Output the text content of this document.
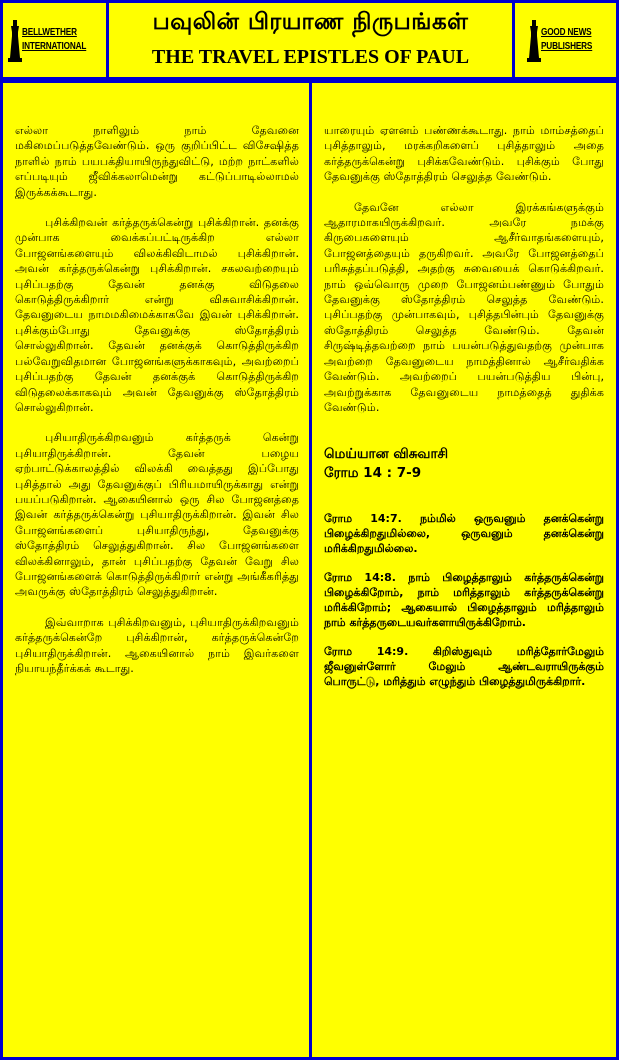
BELLWETHER
INTERNATIONAL
பவுலின் பிரயாண நிருபங்கள்
THE TRAVEL EPISTLES OF PAUL
GOOD NEWS
PUBLISHERS

எல்லா நாளிலும் நாம் தேவனை மகிமைப்படுத்தவேண்டும். ஒரு குறிப்பிட்ட விசேஷித்த நாளில் நாம் பயபக்தியாயிருந்துவிட்டு, மற்ற நாட்களில் எப்படியும் ஜீவிக்கலாமென்று கட்டுப்பாடில்லாமல் இருக்கக்கூடாது.

புசிக்கிறவன் கர்த்தருக்கென்று புசிக்கிறான். தனக்கு முன்பாக வைக்கப்பட்டிருக்கிற எல்லா போஜனங்களையும் விலக்கிவிடாமல் புசிக்கிறான். அவன் கர்த்தருக்கென்று புசிக்கிறான். சகலவற்றையும் புசிப்பதற்கு தேவன் தனக்கு விடுதலை கொடுத்திருக்கிறார் என்று விசுவாசிக்கிறான். தேவனுடைய நாமமகிமைக்காகவே இவன் புசிக்கிறான். புசிக்கும்போது தேவனுக்கு ஸ்தோத்திரம் சொல்லுகிறான். தேவன் தனக்குக் கொடுத்திருக்கிற பல்வேறுவிதமான போஜனங்களுக்காகவும், அவற்றைப் புசிப்பதற்கு தேவன் தனக்குக் கொடுத்திருக்கிற விடுதலைக்காகவும் அவன் தேவனுக்கு ஸ்தோத்திரம் சொல்லுகிறான்.

புசியாதிருக்கிறவனும் கர்த்தருக் கென்று புசியாதிருக்கிறான். தேவன் பழைய ஏற்பாட்டுக்காலத்தில் விலக்கி வைத்தது இப்போது புசித்தால் அது தேவனுக்குப் பிரியமாயிருக்காது என்று பயப்படுகிறான். ஆகையினால் ஒரு சில போஜனத்தை இவன் கர்த்தருக்கென்று புசியாதிருக்கிறான். இவன் சில போஜனங்களைப் புசியாதிருந்து, தேவனுக்கு ஸ்தோத்திரம் செலுத்துகிறான். சில போஜனங்களை விலக்கினாலும், தான் புசிப்பதற்கு தேவன் வேறு சில போஜனங்களைக் கொடுத்திருக்கிறார் என்று அங்கீகரித்து அவருக்கு ஸ்தோத்திரம் செலுத்துகிறான்.

இவ்வாறாக புசிக்கிறவனும், புசியாதிருக்கிறவனும் கர்த்தருக்கென்றே புசிக்கிறான், கர்த்தருக்கென்றே புசியாதிருக்கிறான். ஆகையினால் நாம் இவர்களை நியாயந்தீர்க்கக் கூடாது.

யாரையும் ஏளனம் பண்ணக்கூடாது. நாம் மாம்சத்தைப் புசித்தாலும், மரக்கறிகளைப் புசித்தாலும் அதை கர்த்தருக்கென்று புசிக்கவேண்டும். புசிக்கும் போது தேவனுக்கு ஸ்தோத்திரம் செலுத்த வேண்டும்.

தேவனே எல்லா இரக்கங்களுக்கும் ஆதாரமாகயிருக்கிறவர். அவரே நமக்கு கிருபைகளையும் ஆசீர்வாதங்களையும், போஜனத்தையும் தருகிறவர். அவரே போஜனத்தைப் பரிசுத்தப்படுத்தி, அதற்கு சுவையைக் கொடுக்கிறவர். நாம் ஒவ்வொரு முறை போஜனம்பண்ணும் போதும் தேவனுக்கு ஸ்தோத்திரம் செலுத்த வேண்டும். புசிப்பதற்கு முன்பாகவும், புசித்தபின்பும் தேவனுக்கு ஸ்தோத்திரம் செலுத்த வேண்டும். தேவன் சிருஷ்டித்தவற்றை நாம் பயன்படுத்துவதற்கு முன்பாக அவற்றை தேவனுடைய நாமத்தினால் ஆசீர்வதிக்க வேண்டும். அவற்றைப் பயன்படுத்திய பின்பு, அவற்றுக்காக தேவனுடைய நாமத்தைத் துதிக்க வேண்டும்.

மெய்யான விசுவாசி
ரோம 14 : 7-9

ரோம 14:7. நம்மில் ஒருவனும் தனக்கென்று பிழைக்கிறதுமில்லை, ஒருவனும் தனக்கென்று மரிக்கிறதுமில்லை.

ரோம 14:8. நாம் பிழைத்தாலும் கர்த்தருக்கென்று பிழைக்கிறோம், நாம் மரித்தாலும் கர்த்தருக்கென்று மரிக்கிறோம்; ஆகையால் பிழைத்தாலும் மரித்தாலும் நாம் கர்த்தருடையவர்களாயிருக்கிறோம்.

ரோம 14:9. கிறிஸ்துவும் மரித்தோர்மேலும் ஜீவனுள்ளோர் மேலும் ஆண்டவராயிருக்கும் பொருட்டு, மரித்தும் எழுந்தும் பிழைத்துமிருக்கிறார்.
